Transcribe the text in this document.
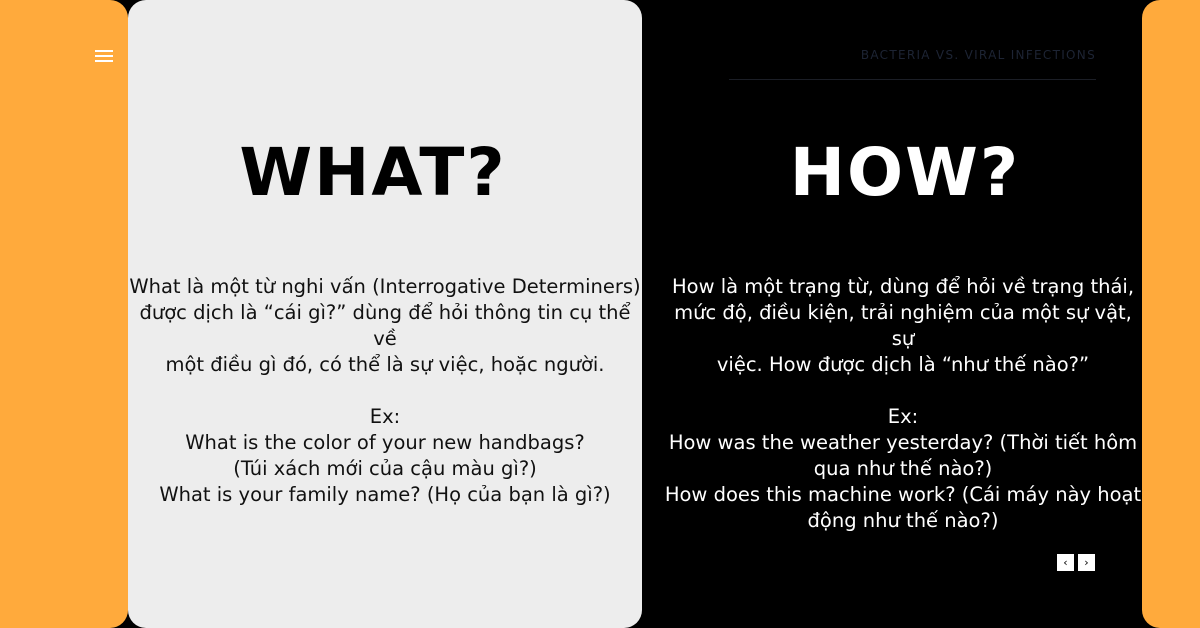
BACTERIA VS. VIRAL INFECTIONS
WHAT?	HOW?

What là một từ nghi vấn (Interrogative Determiners)

được dịch là “cái gì?” dùng để hỏi thông tin cụ thể về

một điều gì đó, có thể là sự việc, hoặc người.

Ex:

What is the color of your new handbags?

(Túi xách mới của cậu màu gì?)

What is your family name? (Họ của bạn là gì?)

How là một trạng từ, dùng để hỏi về trạng thái,

mức độ, điều kiện, trải nghiệm của một sự vật, sự

việc. How được dịch là “như thế nào?”

Ex:

How was the weather yesterday? (Thời tiết hôm

qua như thế nào?)

How does this machine work? (Cái máy này hoạt

động như thế nào?)

‹	›
